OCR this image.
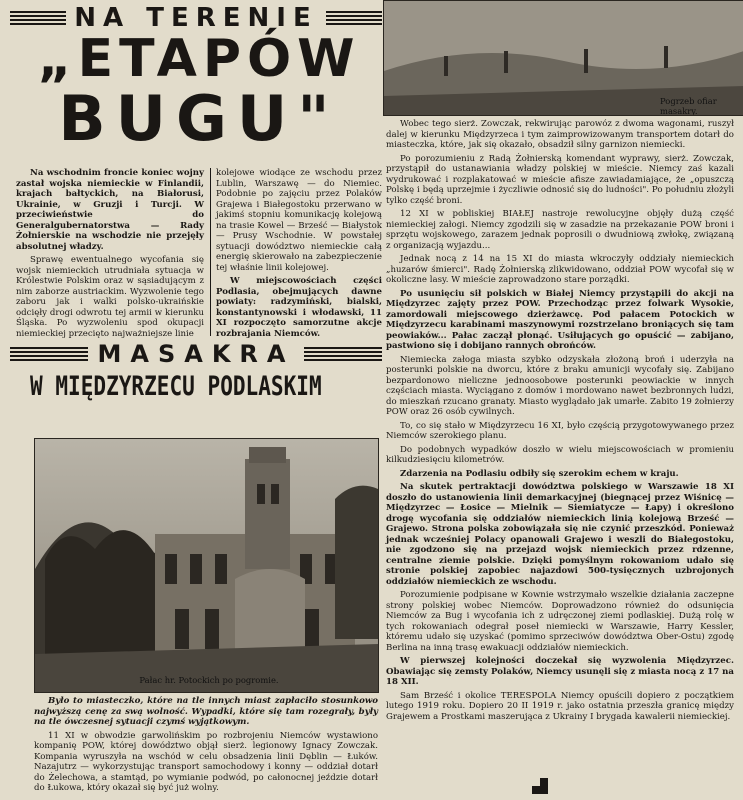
NA TERENIE
„ETAPÓW
BUGU"

Na wschodnim froncie koniec wojny zastał wojska niemieckie w Finlandii, krajach bałtyckich, na Białorusi, Ukrainie, w Gruzji i Turcji. W przeciwieństwie do Generalgubernatorstwa — Rady Żołnierskie na wschodzie nie przejęły absolutnej władzy.

Sprawę ewentualnego wycofania się wojsk niemieckich utrudniała sytuacja w Królestwie Polskim oraz w sąsiadującym z nim zaborze austriackim. Wyzwolenie tego zaboru jak i walki polsko-ukraińskie odcięły drogi odwrotu tej armii w kierunku Śląska. Po wyzwoleniu spod okupacji niemieckiej przecięto najważniejsze linie

kolejowe wiodące ze wschodu przez Lublin, Warszawę — do Niemiec. Podobnie po zajęciu przez Polaków Grajewa i Białegostoku przerwano w jakimś stopniu komunikację kolejową na trasie Kowel — Brześć — Białystok — Prusy Wschodnie. W powstałej sytuacji dowództwo niemieckie całą energię skierowało na zabezpieczenie tej właśnie linii kolejowej.

W miejscowościach części Podlasia, obejmujących dawne powiaty: radzymiński, bialski, konstantynowski i włodawski, 11 XI rozpoczęto samorzutne akcje rozbrajania Niemców.

MASAKRA
W MIĘDZYRZECU PODLASKIM
Pałac hr. Potockich po pogromie.

Było to miasteczko, które na tle innych miast zapłaciło stosunkowo najwyższą cenę za swą wolność. Wypadki, które się tam rozegrały, były na tle ówczesnej sytuacji czymś wyjątkowym.

11 XI w obwodzie garwolińskim po rozbrojeniu Niemców wystawiono kompanię POW, której dowództwo objął sierż. legionowy Ignacy Zowczak. Kompania wyruszyła na wschód w celu obsadzenia linii Dęblin — Łuków. Nazajutrz — wykorzystując transport samochodowy i konny — oddział dotarł do Żelechowa, a stamtąd, po wymianie podwód, po całonocnej jeździe dotarł do Łukowa, który okazał się być już wolny.

Pogrzeb ofiar masakry.

Wobec tego sierż. Zowczak, rekwirując parowóz z dwoma wagonami, ruszył dalej w kierunku Międzyrzeca i tym zaimprowizowanym transportem dotarł do miasteczka, które, jak się okazało, obsadził silny garnizon niemiecki.

Po porozumieniu z Radą Żołnierską komendant wyprawy, sierż. Zowczak, przystąpił do ustanawiania władzy polskiej w mieście. Niemcy zaś kazali wydrukować i rozplakatować w mieście afisze zawiadamiające, że „opuszczą Polskę i będą uprzejmie i życzliwie odnosić się do ludności". Po południu złożyli tylko część broni.

12 XI w pobliskiej BIAŁEJ nastroje rewolucyjne objęły dużą część niemieckiej załogi. Niemcy zgodzili się w zasadzie na przekazanie POW broni i sprzętu wojskowego, zarazem jednak poprosili o dwudniową zwłokę, związaną z organizacją wyjazdu...

Jednak nocą z 14 na 15 XI do miasta wkroczyły oddziały niemieckich „huzarów śmierci". Radę Żołnierską zlikwidowano, oddział POW wycofał się w okoliczne lasy. W mieście zaprowadzono stare porządki.

Po usunięciu sił polskich w Białej Niemcy przystąpili do akcji na Międzyrzec zajęty przez POW. Przechodząc przez folwark Wysokie, zamordowali miejscowego dzierżawcę. Pod pałacem Potockich w Międzyrzecu karabinami maszynowymi rozstrzelano broniących się tam peowiaków... Pałac zaczął płonąć. Usiłujących go opuścić — zabijano, pastwiono się i dobijano rannych obrońców.

Niemiecka załoga miasta szybko odzyskała złożoną broń i uderzyła na posterunki polskie na dworcu, które z braku amunicji wycofały się. Zabijano bezpardonowo nieliczne jednoosobowe posterunki peowiackie w innych częściach miasta. Wyciągano z domów i mordowano nawet bezbronnych ludzi, do mieszkań rzucano granaty. Miasto wyglądało jak umarłe. Zabito 19 żołnierzy POW oraz 26 osób cywilnych.

To, co się stało w Międzyrzecu 16 XI, było częścią przygotowywanego przez Niemców szerokiego planu.

Do podobnych wypadków doszło w wielu miejscowościach w promieniu kilkudziesięciu kilometrów.

Zdarzenia na Podlasiu odbiły się szerokim echem w kraju.

Na skutek pertraktacji dowództwa polskiego w Warszawie 18 XI doszło do ustanowienia linii demarkacyjnej (biegnącej przez Wiśnicę — Międzyrzec — Łosice — Mielnik — Siemiatycze — Łapy) i określono drogę wycofania się oddziałów niemieckich linią kolejową Brześć — Grajewo. Strona polska zobowiązała się nie czynić przeszkód. Ponieważ jednak wcześniej Polacy opanowali Grajewo i weszli do Białegostoku, nie zgodzono się na przejazd wojsk niemieckich przez rdzenne, centralne ziemie polskie. Dzięki pomyślnym rokowaniom udało się stronie polskiej zapobiec najazdowi 500-tysięcznych uzbrojonych oddziałów niemieckich ze wschodu.

Porozumienie podpisane w Kownie wstrzymało wszelkie działania zaczepne strony polskiej wobec Niemców. Doprowadzono również do odsunięcia Niemców za Bug i wycofania ich z udręczonej ziemi podlaskiej. Dużą rolę w tych rokowaniach odegrał poseł niemiecki w Warszawie, Harry Kessler, któremu udało się uzyskać (pomimo sprzeciwów dowództwa Ober-Ostu) zgodę Berlina na inną trasę ewakuacji oddziałów niemieckich.

W pierwszej kolejności doczekał się wyzwolenia Międzyrzec. Obawiając się zemsty Polaków, Niemcy usunęli się z miasta nocą z 17 na 18 XII.

Sam Brześć i okolice TERESPOLA Niemcy opuścili dopiero z początkiem lutego 1919 roku. Dopiero 20 II 1919 r. jako ostatnia przeszła granicę między Grajewem a Prostkami maszerująca z Ukrainy I brygada kawalerii niemieckiej.
